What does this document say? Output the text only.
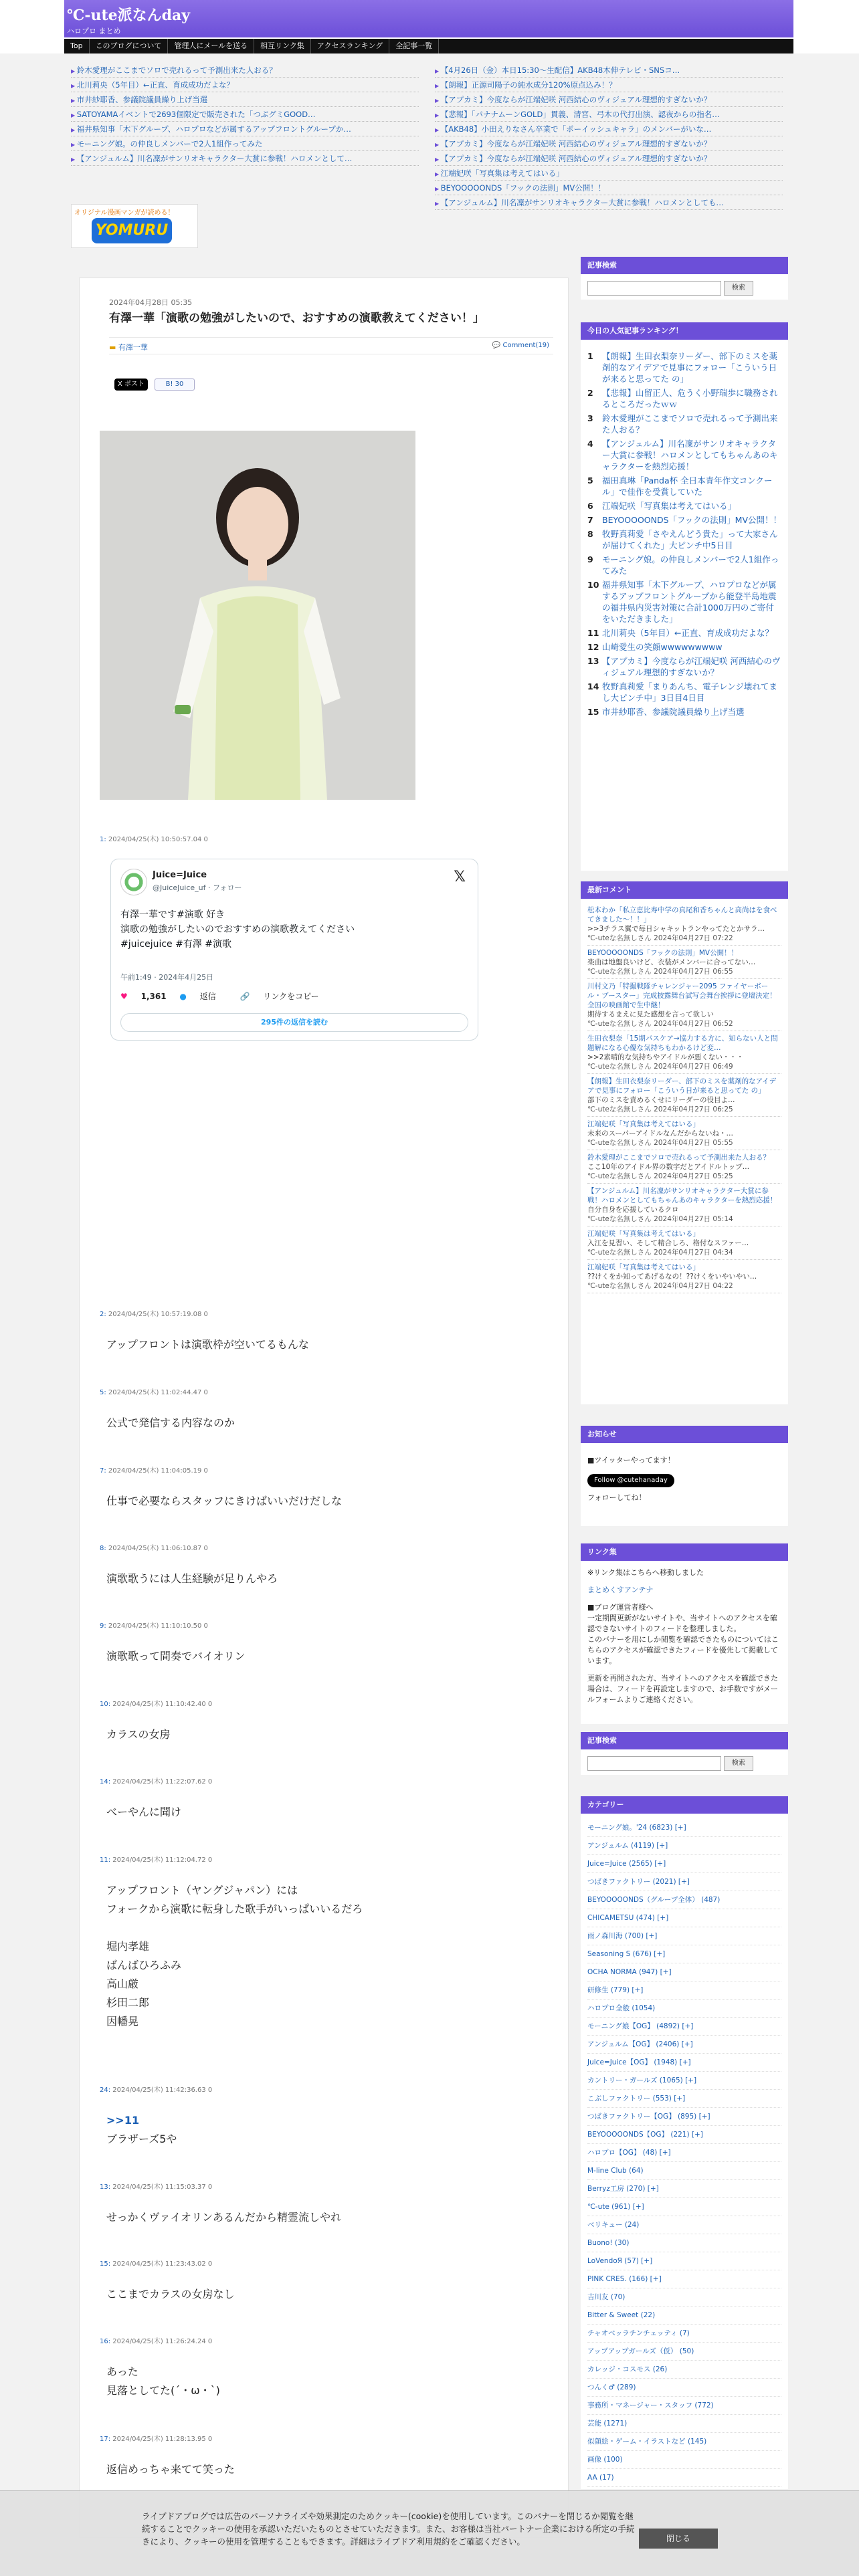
℃-ute派なんday
ハロプロ まとめ
Top	このブログについて	管理人にメールを送る	相互リンク集	アクセスランキング	全記事一覧
▶ 鈴木愛理がここまでソロで売れるって予測出来た人おる？
▶ 北川莉央（5年目）←正直、育成成功だよな？
▶ 市井紗耶香、参議院議員繰り上げ当選
▶ SATOYAMAイベントで2693個限定で販売された「つぶグミGOOD…
▶ 福井県知事「木下グループ、ハロプロなどが属するアップフロントグループか…
▶ モーニング娘。の仲良しメンバーで2人1組作ってみた
▶ 【アンジュルム】川名凜がサンリオキャラクター大賞に参戦！ハロメンとして…
▶ 【4月26日（金）本日15:30〜生配信】AKB48木伸テレビ・SNSコ…
▶ 【朗報】正源司陽子の純水成分120%原点込み！？
▶ 【アプカミ】今度ならが江端妃咲 河西結心のヴィジュアル理想的すぎないか？
▶ 【悲報】「パナナムーンGOLD」貫義、清宮、弓木の代打出演、認夜からの指名…
▶ 【AKB48】小田えりなさん卒業で「ポーイッシュキャラ」のメンバーがいな…
▶ 【アプカミ】今度ならが江端妃咲 河西結心のヴィジュアル理想的すぎないか？
▶ 【アプカミ】今度ならが江端妃咲 河西結心のヴィジュアル理想的すぎないか？
▶ 江端妃咲「写真集は考えてはいる」
▶ BEYOOOOONDS「フックの法則」MV公開！！
▶ 【アンジュルム】川名凜がサンリオキャラクター大賞に参戦！ハロメンとしても…
オリジナル漫画マンガが読める！
YOMURU
2024年04月28日 05:35
有澤一華「演歌の勉強がしたいので、おすすめの演歌教えてください！」
▬ 有澤一華	💬 Comment(19)
X ポスト	B! 30
1: 2024/04/25(木) 10:50:57.04 0
Juice=Juice
@JuiceJuice_uf · フォロー
𝕏
有澤一華です#演歌 好き
演歌の勉強がしたいのでおすすめの演歌教えてください
#juicejuice #有澤 #演歌
午前1:49 · 2024年4月25日
♥ 1,361 ● 返信	🔗 リンクをコピー
295件の返信を読む
2: 2024/04/25(木) 10:57:19.08 0
アップフロントは演歌枠が空いてるもんな
5: 2024/04/25(木) 11:02:44.47 0
公式で発信する内容なのか
7: 2024/04/25(木) 11:04:05.19 0
仕事で必要ならスタッフにきけばいいだけだしな
8: 2024/04/25(木) 11:06:10.87 0
演歌歌うには人生経験が足りんやろ
9: 2024/04/25(木) 11:10:10.50 0
演歌歌って間奏でバイオリン
10: 2024/04/25(木) 11:10:42.40 0
カラスの女房
14: 2024/04/25(木) 11:22:07.62 0
べーやんに聞け
11: 2024/04/25(木) 11:12:04.72 0
アップフロント（ヤングジャパン）には
フォークから演歌に転身した歌手がいっぱいいるだろ

堀内孝雄
ばんばひろふみ
高山厳
杉田二郎
因幡晃
24: 2024/04/25(木) 11:42:36.63 0
>>11
ブラザーズ5や
13: 2024/04/25(木) 11:15:03.37 0
せっかくヴァイオリンあるんだから精霊流しやれ
15: 2024/04/25(木) 11:23:43.02 0
ここまでカラスの女房なし
16: 2024/04/25(木) 11:26:24.24 0
あった
見落としてた(´・ω・`)
17: 2024/04/25(木) 11:28:13.95 0
返信めっちゃ来てて笑った
記事検索
検索
今日の人気記事ランキング！
1	【朗報】生田衣梨奈リーダー、部下のミスを薬剤的なアイデアで見事にフォロー「こういう日が来ると思ってた の」
2	【悲報】山留正人、危うく小野瑞歩に職務されるところだったｗｗ
3	鈴木愛理がここまでソロで売れるって予測出来た人おる？
4	【アンジュルム】川名凜がサンリオキャラクター大賞に参戦！ハロメンとしてもちゃんあのキャラクターを熱烈応援！
5	福田真琳「Panda杯 全日本青年作文コンクール」で佳作を受賞していた
6	江端妃咲「写真集は考えてはいる」
7	BEYOOOOONDS「フックの法則」MV公開！！
8	牧野真莉愛「さやえんどう貴た」って大家さんが届けてくれた」大ピンチ中5日目
9	モーニング娘。の仲良しメンバーで2人1組作ってみた
10 福井県知事「木下グループ、ハロプロなどが属するアップフロントグループから能登半島地震の福井県内災害対策に合計1000万円のご寄付をいただきました」
11 北川莉央（5年目）←正直、育成成功だよな？
12 山崎愛生の笑顔wwwwwwwww
13 【アプカミ】今度ならが江端妃咲 河西結心のヴィジュアル理想的すぎないか？
14 牧野真莉愛「まりあんち、電子レンジ壊れてまし大ピンチ中」3日目4日目
15 市井紗耶香、参議院議員繰り上げ当選
最新コメント
松本わか「私立恵比寿中学の真尾和香ちゃんと高尚はを食べてきました〜！！」
>>3チラス翼で毎日シャキットランやってたとかサラ…
℃-uteな名無しさん 2024年04月27日 07:22
BEYOOOOONDS「フックの法則」MV公開！！
楽曲は地盤良いけど、衣装がメンバーに合ってない…
℃-uteな名無しさん 2024年04月27日 06:55
川村文乃「特撮戦隊チャレンジャー2095 ファイヤーボール・ブースター」完成披露舞台試写会舞台挨拶に登壇決定！全国の映画館で生中継！
期待するまえに見た感想を言って欲しい
℃-uteな名無しさん 2024年04月27日 06:52
生田衣梨奈「15期パスケア→協力する方に、知らない人と問題解になる心優な気持ちもわかるけど変…
>>2素晴的な気持ちやアイドルが悪くない・・・
℃-uteな名無しさん 2024年04月27日 06:49
【朗報】生田衣梨奈リーダー、部下のミスを薬剤的なアイデアで見事にフォロー「こういう日が来ると思ってた の」
部下のミスを責めるくせにリーダーの役目よ…
℃-uteな名無しさん 2024年04月27日 06:25
江端妃咲「写真集は考えてはいる」
未来のスーパーアイドルなんだからないね・…
℃-uteな名無しさん 2024年04月27日 05:55
鈴木愛理がここまでソロで売れるって予測出来た人おる？
ここ10年のアイドル界の数字だとアイドルトップ…
℃-uteな名無しさん 2024年04月27日 05:25
【アンジュルム】川名凜がサンリオキャラクター大賞に参戦！ハロメンとしてもちゃんあのキャラクターを熱烈応援！
自分自身を応援しているクロ
℃-uteな名無しさん 2024年04月27日 05:14
江端妃咲「写真集は考えてはいる」
入江を見習い、そして精合しろ、格付なスファー…
℃-uteな名無しさん 2024年04月27日 04:34
江端妃咲「写真集は考えてはいる」
??けくをか知ってあげるなの！??けくをいやいやい…
℃-uteな名無しさん 2024年04月27日 04:22
お知らせ
■ツイッターやってます！
Follow @cutehanaday
フォローしてね！
リンク集
※リンク集はこちらへ移動しました
まとめくすアンテナ
■ブログ運営者様へ
一定期間更新がないサイトや、当サイトへのアクセスを確認できないサイトのフィードを整理しました。
このバナーを用にしか閲覧を確認できたものについてはこちらのアクセスが確認できたフィードを優先して掲載しています。
更新を再開された方、当サイトへのアクセスを確認できた場合は、フィードを再設定しますので、お手数ですがメールフォームよりご連絡ください。
記事検索
検索
カテゴリー
モーニング娘。'24 (6823) [+]
アンジュルム (4119) [+]
Juice=Juice (2565) [+]
つばきファクトリー (2021) [+]
BEYOOOOONDS（グループ全体） (487)
CHICAMETSU (474) [+]
雨ノ森川海 (700) [+]
Seasoning S (676) [+]
OCHA NORMA (947) [+]
研修生 (779) [+]
ハロプロ全般 (1054)
モーニング娘【OG】 (4892) [+]
アンジュルム【OG】 (2406) [+]
Juice=Juice【OG】 (1948) [+]
カントリー・ガールズ (1065) [+]
こぶしファクトリー (553) [+]
つばきファクトリー【OG】 (895) [+]
BEYOOOOONDS【OG】 (221) [+]
ハロプロ【OG】 (48) [+]
M-line Club (64)
Berryz工房 (270) [+]
℃-ute (961) [+]
ベリキュー (24)
Buono! (30)
LoVendoЯ (57) [+]
PINK CRES. (166) [+]
吉川友 (70)
Bitter & Sweet (22)
チャオベッラチンチェッティ (7)
アップアップガールズ（仮） (50)
カレッジ・コスモス (26)
つんく♂ (289)
事務所・マネージャー・スタッフ (772)
芸能 (1271)
似顔絵・ゲーム・イラストなど (145)
画像 (100)
AA (17)
ライブドアブログでは広告のパーソナライズや効果測定のためクッキー(cookie)を使用しています。このバナーを閉じるか閲覧を継続することでクッキーの使用を承認いただいたものとさせていただきます。また、お客様は当社パートナー企業における所定の手続きにより、クッキーの使用を管理することもできます。詳細はライブドア利用規約をご確認ください。	閉じる
